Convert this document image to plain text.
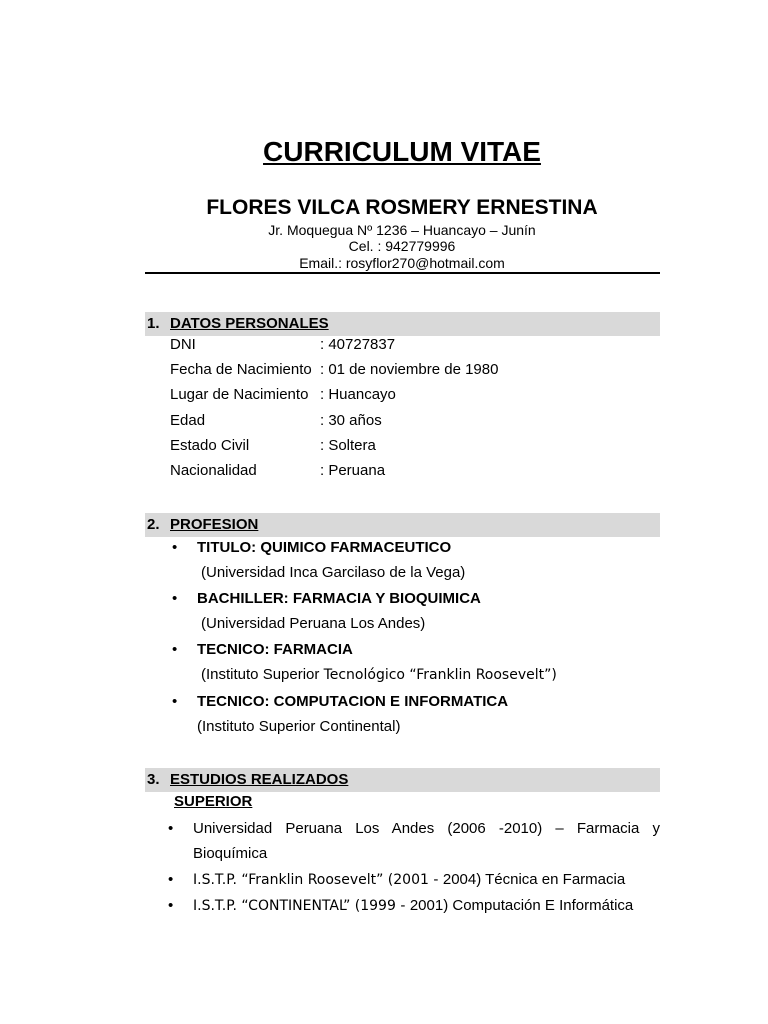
CURRICULUM VITAE
FLORES VILCA ROSMERY ERNESTINA
Jr. Moquegua Nº 1236 – Huancayo – Junín
Cel. : 942779996
Email.: rosyflor270@hotmail.com
1. DATOS PERSONALES
DNI	: 40727837
Fecha de Nacimiento : 01 de noviembre de 1980
Lugar de Nacimiento : Huancayo
Edad	: 30 años
Estado Civil	: Soltera
Nacionalidad	: Peruana
2. PROFESION
• TITULO: QUIMICO FARMACEUTICO
(Universidad Inca Garcilaso de la Vega)
• BACHILLER: FARMACIA Y BIOQUIMICA
(Universidad Peruana Los Andes)
• TECNICO: FARMACIA
(Instituto Superior Tecnológico “Franklin Roosevelt”)
• TECNICO: COMPUTACION E INFORMATICA
(Instituto Superior Continental)
3. ESTUDIOS REALIZADOS
SUPERIOR
• Universidad Peruana Los Andes (2006 -2010) – Farmacia y
Bioquímica
• I.S.T.P. “Franklin Roosevelt” (2001 - 2004) Técnica en Farmacia
• I.S.T.P. “CONTINENTAL” (1999 - 2001) Computación E Informática
